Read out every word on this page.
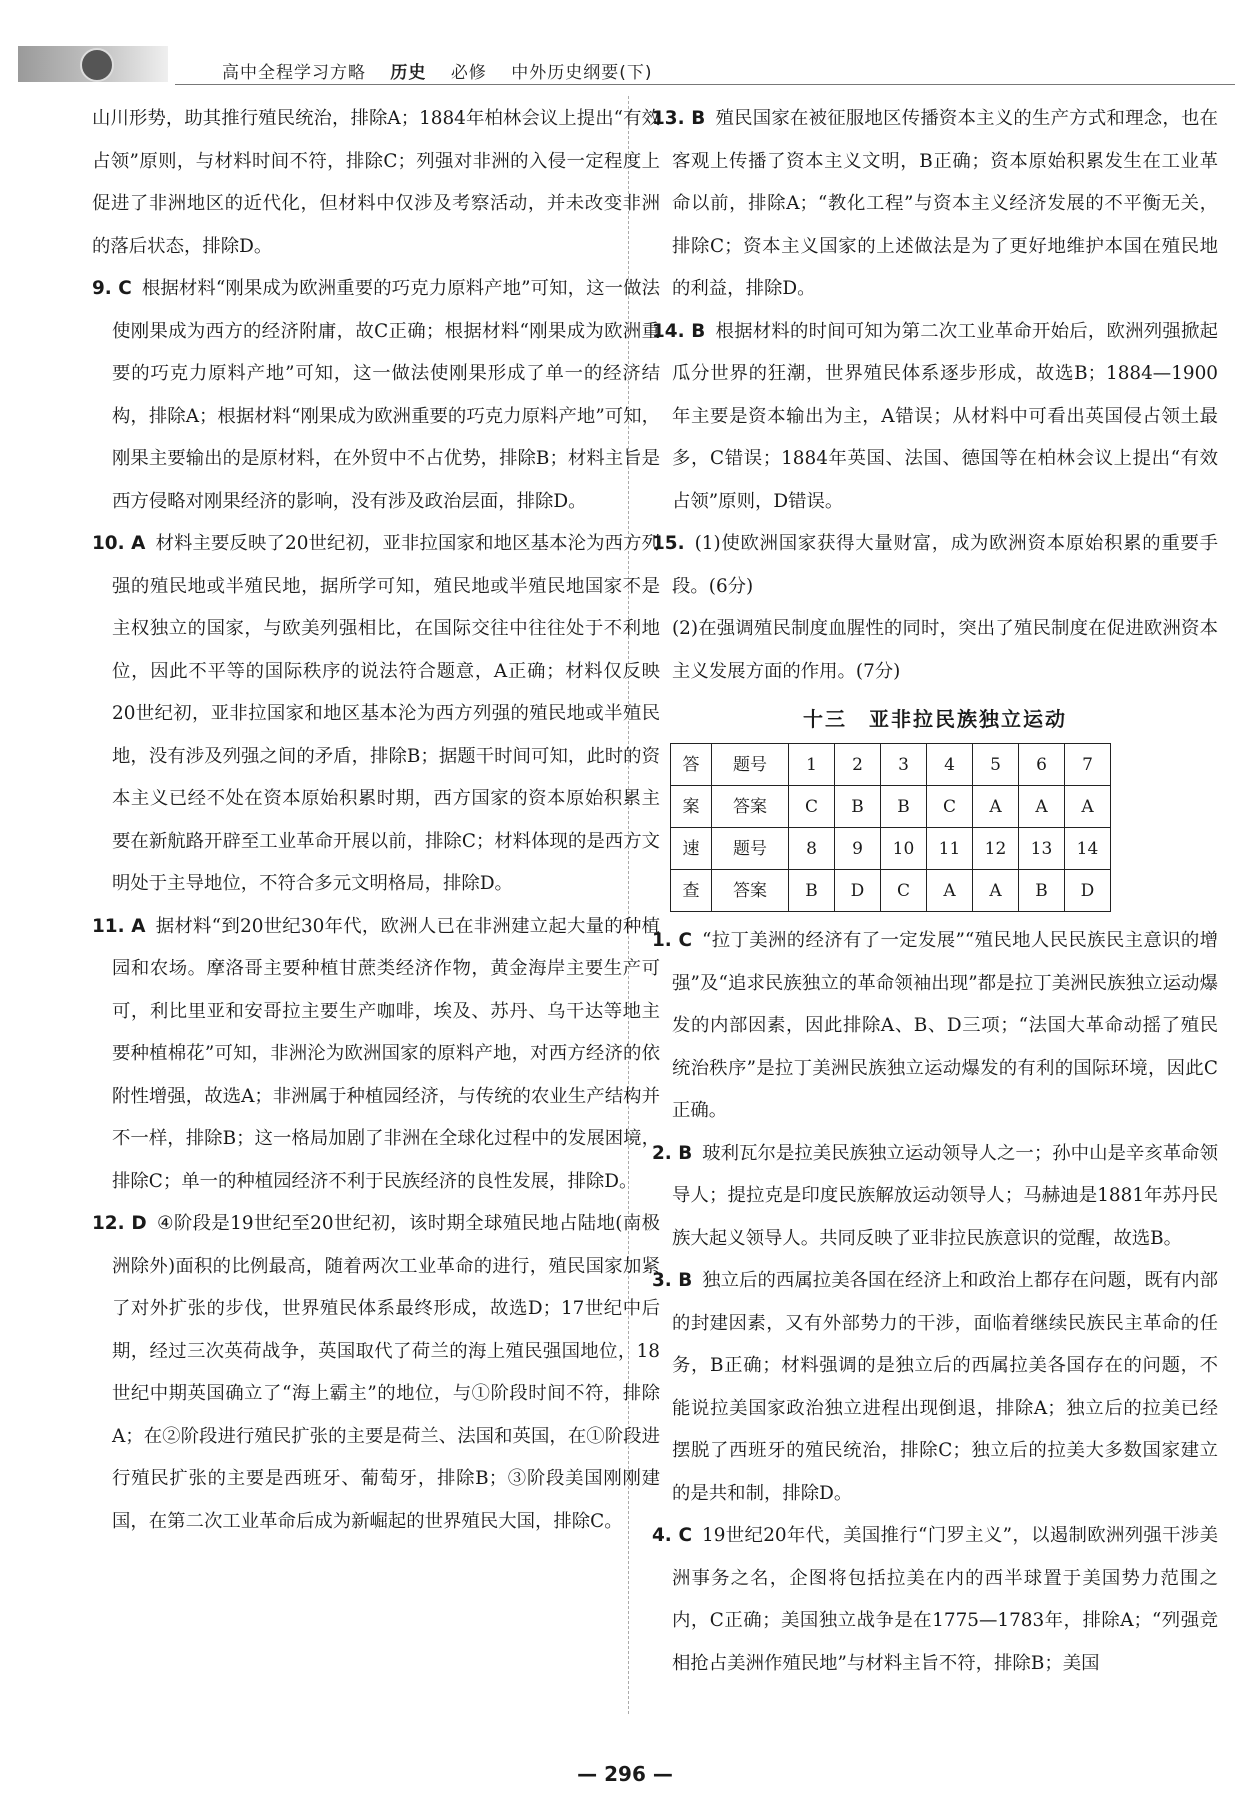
高中全程学习方略 历史 必修 中外历史纲要(下)

山川形势，助其推行殖民统治，排除A；1884年柏林会议上提出“有效占领”原则，与材料时间不符，排除C；列强对非洲的入侵一定程度上促进了非洲地区的近代化，但材料中仅涉及考察活动，并未改变非洲的落后状态，排除D。

9. C 根据材料“刚果成为欧洲重要的巧克力原料产地”可知，这一做法使刚果成为西方的经济附庸，故C正确；根据材料“刚果成为欧洲重要的巧克力原料产地”可知，这一做法使刚果形成了单一的经济结构，排除A；根据材料“刚果成为欧洲重要的巧克力原料产地”可知，刚果主要输出的是原材料，在外贸中不占优势，排除B；材料主旨是西方侵略对刚果经济的影响，没有涉及政治层面，排除D。

10. A 材料主要反映了20世纪初，亚非拉国家和地区基本沦为西方列强的殖民地或半殖民地，据所学可知，殖民地或半殖民地国家不是主权独立的国家，与欧美列强相比，在国际交往中往往处于不利地位，因此不平等的国际秩序的说法符合题意，A正确；材料仅反映20世纪初，亚非拉国家和地区基本沦为西方列强的殖民地或半殖民地，没有涉及列强之间的矛盾，排除B；据题干时间可知，此时的资本主义已经不处在资本原始积累时期，西方国家的资本原始积累主要在新航路开辟至工业革命开展以前，排除C；材料体现的是西方文明处于主导地位，不符合多元文明格局，排除D。

11. A 据材料“到20世纪30年代，欧洲人已在非洲建立起大量的种植园和农场。摩洛哥主要种植甘蔗类经济作物，黄金海岸主要生产可可，利比里亚和安哥拉主要生产咖啡，埃及、苏丹、乌干达等地主要种植棉花”可知，非洲沦为欧洲国家的原料产地，对西方经济的依附性增强，故选A；非洲属于种植园经济，与传统的农业生产结构并不一样，排除B；这一格局加剧了非洲在全球化过程中的发展困境，排除C；单一的种植园经济不利于民族经济的良性发展，排除D。

12. D ④阶段是19世纪至20世纪初，该时期全球殖民地占陆地(南极洲除外)面积的比例最高，随着两次工业革命的进行，殖民国家加紧了对外扩张的步伐，世界殖民体系最终形成，故选D；17世纪中后期，经过三次英荷战争，英国取代了荷兰的海上殖民强国地位，18世纪中期英国确立了“海上霸主”的地位，与①阶段时间不符，排除A；在②阶段进行殖民扩张的主要是荷兰、法国和英国，在①阶段进行殖民扩张的主要是西班牙、葡萄牙，排除B；③阶段美国刚刚建国，在第二次工业革命后成为新崛起的世界殖民大国，排除C。

13. B 殖民国家在被征服地区传播资本主义的生产方式和理念，也在客观上传播了资本主义文明，B正确；资本原始积累发生在工业革命以前，排除A；“教化工程”与资本主义经济发展的不平衡无关，排除C；资本主义国家的上述做法是为了更好地维护本国在殖民地的利益，排除D。

14. B 根据材料的时间可知为第二次工业革命开始后，欧洲列强掀起瓜分世界的狂潮，世界殖民体系逐步形成，故选B；1884—1900年主要是资本输出为主，A错误；从材料中可看出英国侵占领土最多，C错误；1884年英国、法国、德国等在柏林会议上提出“有效占领”原则，D错误。

15. (1)使欧洲国家获得大量财富，成为欧洲资本原始积累的重要手段。(6分)

(2)在强调殖民制度血腥性的同时，突出了殖民制度在促进欧洲资本主义发展方面的作用。(7分)

十三　亚非拉民族独立运动
答	题号	1	2	3	4	5	6	7
案	答案	C	B	B	C	A	A	A
速	题号	8	9	10	11	12	13	14
查	答案	B	D	C	A	A	B	D

1. C “拉丁美洲的经济有了一定发展”“殖民地人民民族民主意识的增强”及“追求民族独立的革命领袖出现”都是拉丁美洲民族独立运动爆发的内部因素，因此排除A、B、D三项；“法国大革命动摇了殖民统治秩序”是拉丁美洲民族独立运动爆发的有利的国际环境，因此C正确。

2. B 玻利瓦尔是拉美民族独立运动领导人之一；孙中山是辛亥革命领导人；提拉克是印度民族解放运动领导人；马赫迪是1881年苏丹民族大起义领导人。共同反映了亚非拉民族意识的觉醒，故选B。

3. B 独立后的西属拉美各国在经济上和政治上都存在问题，既有内部的封建因素，又有外部势力的干涉，面临着继续民族民主革命的任务，B正确；材料强调的是独立后的西属拉美各国存在的问题，不能说拉美国家政治独立进程出现倒退，排除A；独立后的拉美已经摆脱了西班牙的殖民统治，排除C；独立后的拉美大多数国家建立的是共和制，排除D。

4. C 19世纪20年代，美国推行“门罗主义”，以遏制欧洲列强干涉美洲事务之名，企图将包括拉美在内的西半球置于美国势力范围之内，C正确；美国独立战争是在1775—1783年，排除A；“列强竞相抢占美洲作殖民地”与材料主旨不符，排除B；美国

— 296 —
